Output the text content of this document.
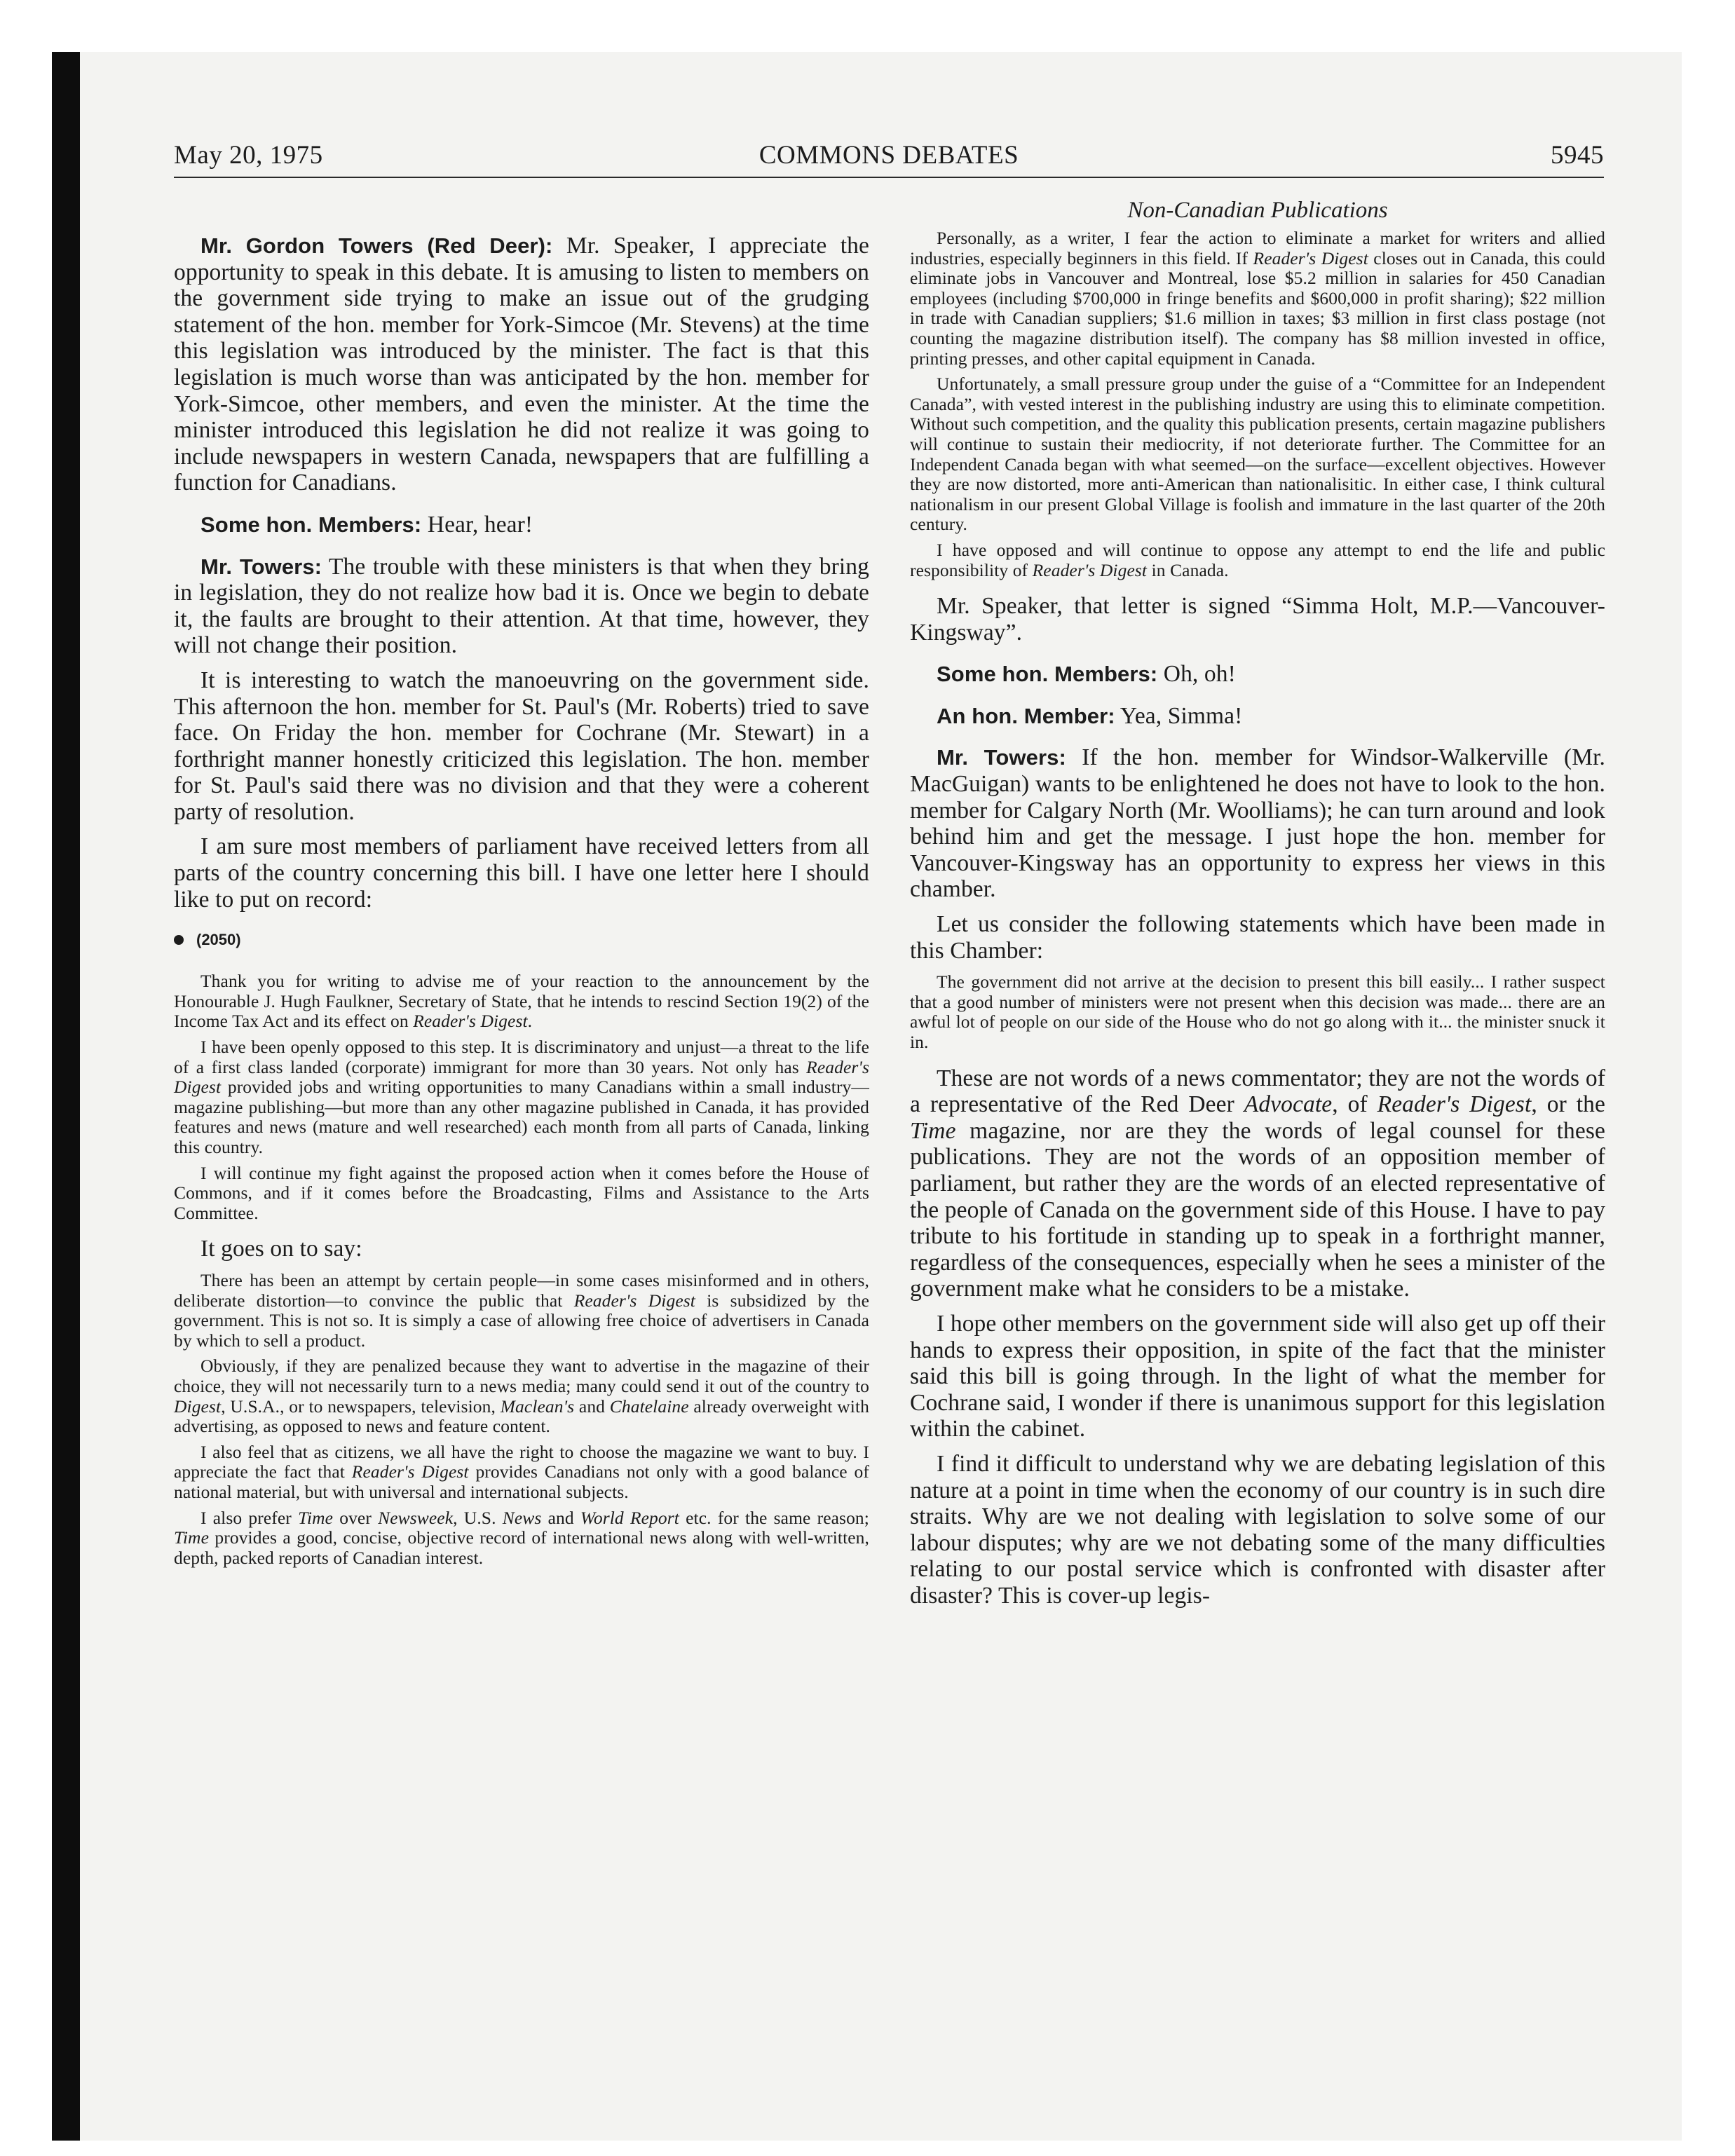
May 20, 1975	COMMONS DEBATES	5945

Mr. Gordon Towers (Red Deer): Mr. Speaker, I appreciate the opportunity to speak in this debate. It is amusing to listen to members on the government side trying to make an issue out of the grudging statement of the hon. member for York-Simcoe (Mr. Stevens) at the time this legislation was introduced by the minister. The fact is that this legislation is much worse than was anticipated by the hon. member for York-Simcoe, other members, and even the minister. At the time the minister introduced this legislation he did not realize it was going to include newspapers in western Canada, newspapers that are fulfilling a function for Canadians.

Some hon. Members: Hear, hear!

Mr. Towers: The trouble with these ministers is that when they bring in legislation, they do not realize how bad it is. Once we begin to debate it, the faults are brought to their attention. At that time, however, they will not change their position.

It is interesting to watch the manoeuvring on the government side. This afternoon the hon. member for St. Paul's (Mr. Roberts) tried to save face. On Friday the hon. member for Cochrane (Mr. Stewart) in a forthright manner honestly criticized this legislation. The hon. member for St. Paul's said there was no division and that they were a coherent party of resolution.

I am sure most members of parliament have received letters from all parts of the country concerning this bill. I have one letter here I should like to put on record:

(2050)

Thank you for writing to advise me of your reaction to the announcement by the Honourable J. Hugh Faulkner, Secretary of State, that he intends to rescind Section 19(2) of the Income Tax Act and its effect on Reader's Digest.

I have been openly opposed to this step. It is discriminatory and unjust—a threat to the life of a first class landed (corporate) immigrant for more than 30 years. Not only has Reader's Digest provided jobs and writing opportunities to many Canadians within a small industry—magazine publishing—but more than any other magazine published in Canada, it has provided features and news (mature and well researched) each month from all parts of Canada, linking this country.

I will continue my fight against the proposed action when it comes before the House of Commons, and if it comes before the Broadcasting, Films and Assistance to the Arts Committee.

It goes on to say:

There has been an attempt by certain people—in some cases misinformed and in others, deliberate distortion—to convince the public that Reader's Digest is subsidized by the government. This is not so. It is simply a case of allowing free choice of advertisers in Canada by which to sell a product.

Obviously, if they are penalized because they want to advertise in the magazine of their choice, they will not necessarily turn to a news media; many could send it out of the country to Digest, U.S.A., or to newspapers, television, Maclean's and Chatelaine already overweight with advertising, as opposed to news and feature content.

I also feel that as citizens, we all have the right to choose the magazine we want to buy. I appreciate the fact that Reader's Digest provides Canadians not only with a good balance of national material, but with universal and international subjects.

I also prefer Time over Newsweek, U.S. News and World Report etc. for the same reason; Time provides a good, concise, objective record of international news along with well-written, depth, packed reports of Canadian interest.

Non-Canadian Publications

Personally, as a writer, I fear the action to eliminate a market for writers and allied industries, especially beginners in this field. If Reader's Digest closes out in Canada, this could eliminate jobs in Vancouver and Montreal, lose $5.2 million in salaries for 450 Canadian employees (including $700,000 in fringe benefits and $600,000 in profit sharing); $22 million in trade with Canadian suppliers; $1.6 million in taxes; $3 million in first class postage (not counting the magazine distribution itself). The company has $8 million invested in office, printing presses, and other capital equipment in Canada.

Unfortunately, a small pressure group under the guise of a “Committee for an Independent Canada”, with vested interest in the publishing industry are using this to eliminate competition. Without such competition, and the quality this publication presents, certain magazine publishers will continue to sustain their mediocrity, if not deteriorate further. The Committee for an Independent Canada began with what seemed—on the surface—excellent objectives. However they are now distorted, more anti-American than nationalisitic. In either case, I think cultural nationalism in our present Global Village is foolish and immature in the last quarter of the 20th century.

I have opposed and will continue to oppose any attempt to end the life and public responsibility of Reader's Digest in Canada.

Mr. Speaker, that letter is signed “Simma Holt, M.P.—Vancouver-Kingsway”.

Some hon. Members: Oh, oh!

An hon. Member: Yea, Simma!

Mr. Towers: If the hon. member for Windsor-Walkerville (Mr. MacGuigan) wants to be enlightened he does not have to look to the hon. member for Calgary North (Mr. Woolliams); he can turn around and look behind him and get the message. I just hope the hon. member for Vancouver-Kingsway has an opportunity to express her views in this chamber.

Let us consider the following statements which have been made in this Chamber:

The government did not arrive at the decision to present this bill easily... I rather suspect that a good number of ministers were not present when this decision was made... there are an awful lot of people on our side of the House who do not go along with it... the minister snuck it in.

These are not words of a news commentator; they are not the words of a representative of the Red Deer Advocate, of Reader's Digest, or the Time magazine, nor are they the words of legal counsel for these publications. They are not the words of an opposition member of parliament, but rather they are the words of an elected representative of the people of Canada on the government side of this House. I have to pay tribute to his fortitude in standing up to speak in a forthright manner, regardless of the consequences, especially when he sees a minister of the government make what he considers to be a mistake.

I hope other members on the government side will also get up off their hands to express their opposition, in spite of the fact that the minister said this bill is going through. In the light of what the member for Cochrane said, I wonder if there is unanimous support for this legislation within the cabinet.

I find it difficult to understand why we are debating legislation of this nature at a point in time when the economy of our country is in such dire straits. Why are we not dealing with legislation to solve some of our labour disputes; why are we not debating some of the many difficulties relating to our postal service which is confronted with disaster after disaster? This is cover-up legis-
